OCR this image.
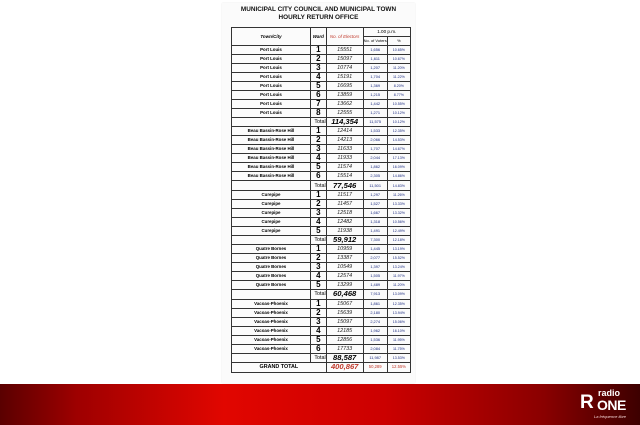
MUNICIPAL CITY COUNCIL AND MUNICIPAL TOWN
HOURLY RETURN OFFICE
Town/City	Ward	No. of Electors	1.00 p.m.	
			No. of Voters	%
Port Louis	1	15551	1,656	10.65%
Port Louis	2	15097	1,611	10.67%
Port Louis	3	10774	1,207	11.20%
Port Louis	4	15191	1,704	11.22%
Port Louis	5	16695	1,369	8.20%
Port Louis	6	13859	1,215	8.77%
Port Louis	7	13662	1,442	10.55%
Port Louis	8	12555	1,271	10.12%
	Total	114,354	11,575	10.12%
Beau Bassin-Rose Hill	1	12414	1,533	12.35%
Beau Bassin-Rose Hill	2	14213	2,066	14.53%
Beau Bassin-Rose Hill	3	11633	1,707	14.67%
Beau Bassin-Rose Hill	4	11933	2,044	17.13%
Beau Bassin-Rose Hill	5	11574	1,862	16.09%
Beau Bassin-Rose Hill	6	15514	2,305	14.86%
	Total	77,546	11,501	14.83%
Curepipe	1	11517	1,297	11.26%
Curepipe	2	11457	1,527	13.33%
Curepipe	3	12518	1,667	13.32%
Curepipe	4	12482	1,318	10.56%
Curepipe	5	11938	1,491	12.49%
	Total	59,912	7,300	12.18%
Quatre Bornes	1	10959	1,445	13.19%
Quatre Bornes	2	13387	2,077	15.52%
Quatre Bornes	3	10549	1,397	13.24%
Quatre Bornes	4	12574	1,505	11.97%
Quatre Bornes	5	13299	1,489	11.20%
	Total	60,468	7,913	13.09%
Vacoas-Phoenix	1	15067	1,861	12.35%
Vacoas-Phoenix	2	15639	2,180	13.94%
Vacoas-Phoenix	3	15097	2,274	15.06%
Vacoas-Phoenix	4	12185	1,962	16.10%
Vacoas-Phoenix	5	12856	1,536	11.95%
Vacoas-Phoenix	6	17733	2,084	11.75%
	Total	88,587	11,987	13.53%
GRAND TOTAL		400,867	50,289	12.55%
R radio
ONE
La fréquence libre
